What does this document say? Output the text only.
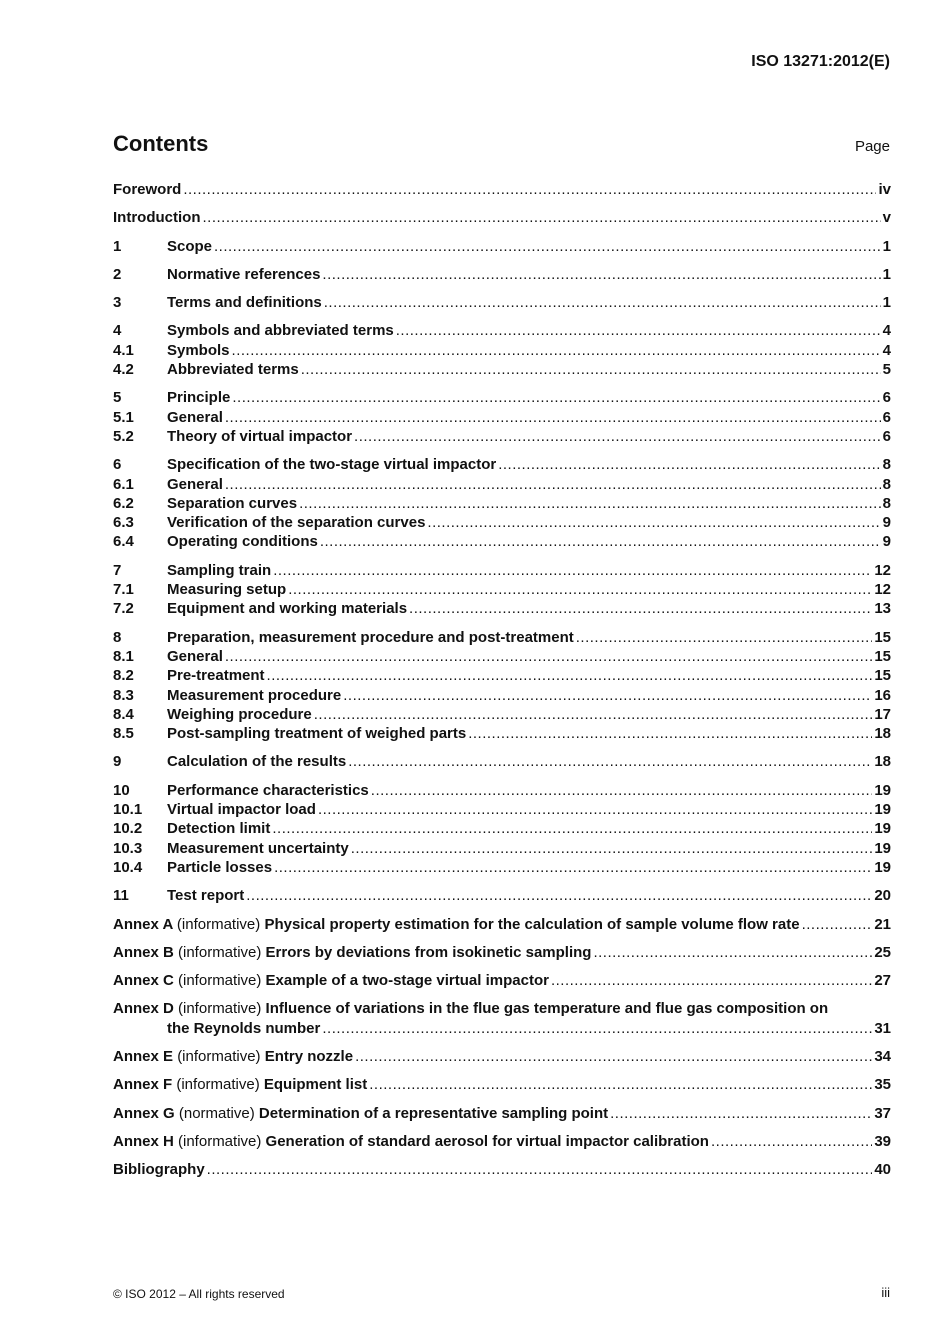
ISO 13271:2012(E)
Contents	Page
Foreword .....	iv
Introduction .....	v
1	Scope .....	1
2	Normative references .....	1
3	Terms and definitions .....	1
4	Symbols and abbreviated terms .....	4
4.1	Symbols .....	4
4.2	Abbreviated terms .....	5
5	Principle .....	6
5.1	General .....	6
5.2	Theory of virtual impactor .....	6
6	Specification of the two-stage virtual impactor .....	8
6.1	General .....	8
6.2	Separation curves .....	8
6.3	Verification of the separation curves .....	9
6.4	Operating conditions .....	9
7	Sampling train .....	12
7.1	Measuring setup .....	12
7.2	Equipment and working materials .....	13
8	Preparation, measurement procedure and post-treatment .....	15
8.1	General .....	15
8.2	Pre-treatment .....	15
8.3	Measurement procedure .....	16
8.4	Weighing procedure .....	17
8.5	Post-sampling treatment of weighed parts .....	18
9	Calculation of the results .....	18
10	Performance characteristics .....	19
10.1	Virtual impactor load .....	19
10.2	Detection limit .....	19
10.3	Measurement uncertainty .....	19
10.4	Particle losses .....	19
11	Test report .....	20
Annex A (informative) Physical property estimation for the calculation of sample volume flow rate .....	21
Annex B (informative) Errors by deviations from isokinetic sampling .....	25
Annex C (informative) Example of a two-stage virtual impactor .....	27
Annex D (informative) Influence of variations in the flue gas temperature and flue gas composition on
the Reynolds number .....	31
Annex E (informative) Entry nozzle .....	34
Annex F (informative) Equipment list .....	35
Annex G (normative) Determination of a representative sampling point .....	37
Annex H (informative) Generation of standard aerosol for virtual impactor calibration .....	39
Bibliography .....	40
© ISO 2012 – All rights reserved	iii
